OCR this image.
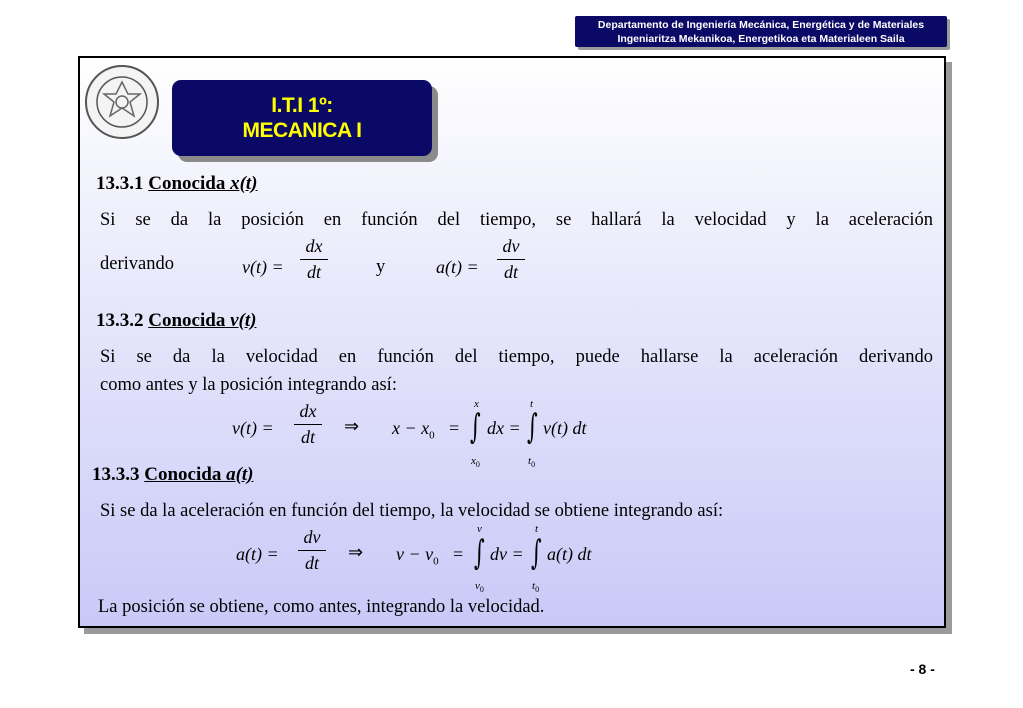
Departamento de Ingeniería Mecánica, Energética y de Materiales
Ingeniaritza Mekanikoa, Energetikoa eta Materialeen Saila
I.T.I 1º:
MECANICA I
13.3.1 Conocida x(t)
Si se da la posición en función del tiempo, se hallará la velocidad y la aceleración
derivando	v(t) =
dx
dt	y	a(t) =
dv
dt
13.3.2 Conocida v(t)
Si se da la velocidad en función del tiempo, puede hallarse la aceleración derivando
como antes y la posición integrando así:
v(t) =
dx
dt
⇒ $x - x_0$ =
x
∫
$x_0$
dx =
t
∫
$t_0$
v(t) dt
13.3.3 Conocida a(t)
Si se da la aceleración en función del tiempo, la velocidad se obtiene integrando así:
a(t) =
dv
dt
⇒ $v - v_0$ =
v
∫
$v_0$
dv =
t
∫
$t_0$
a(t) dt
La posición se obtiene, como antes, integrando la velocidad.
- 8 -
